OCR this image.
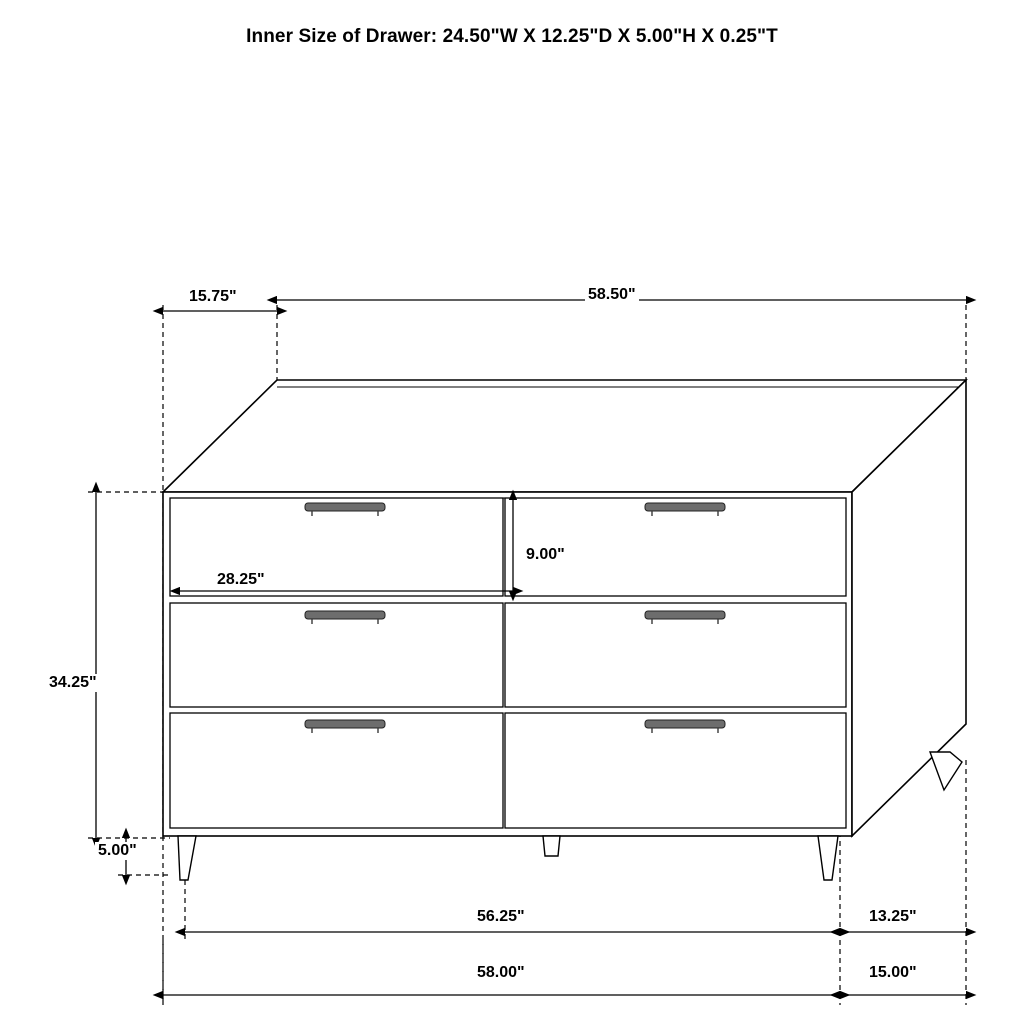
Inner Size of Drawer: 24.50"W X 12.25"D X 5.00"H X 0.25"T
15.75"	58.50"
34.25"
5.00"
28.25"
9.00"
56.25"
58.00"
13.25"
15.00"
